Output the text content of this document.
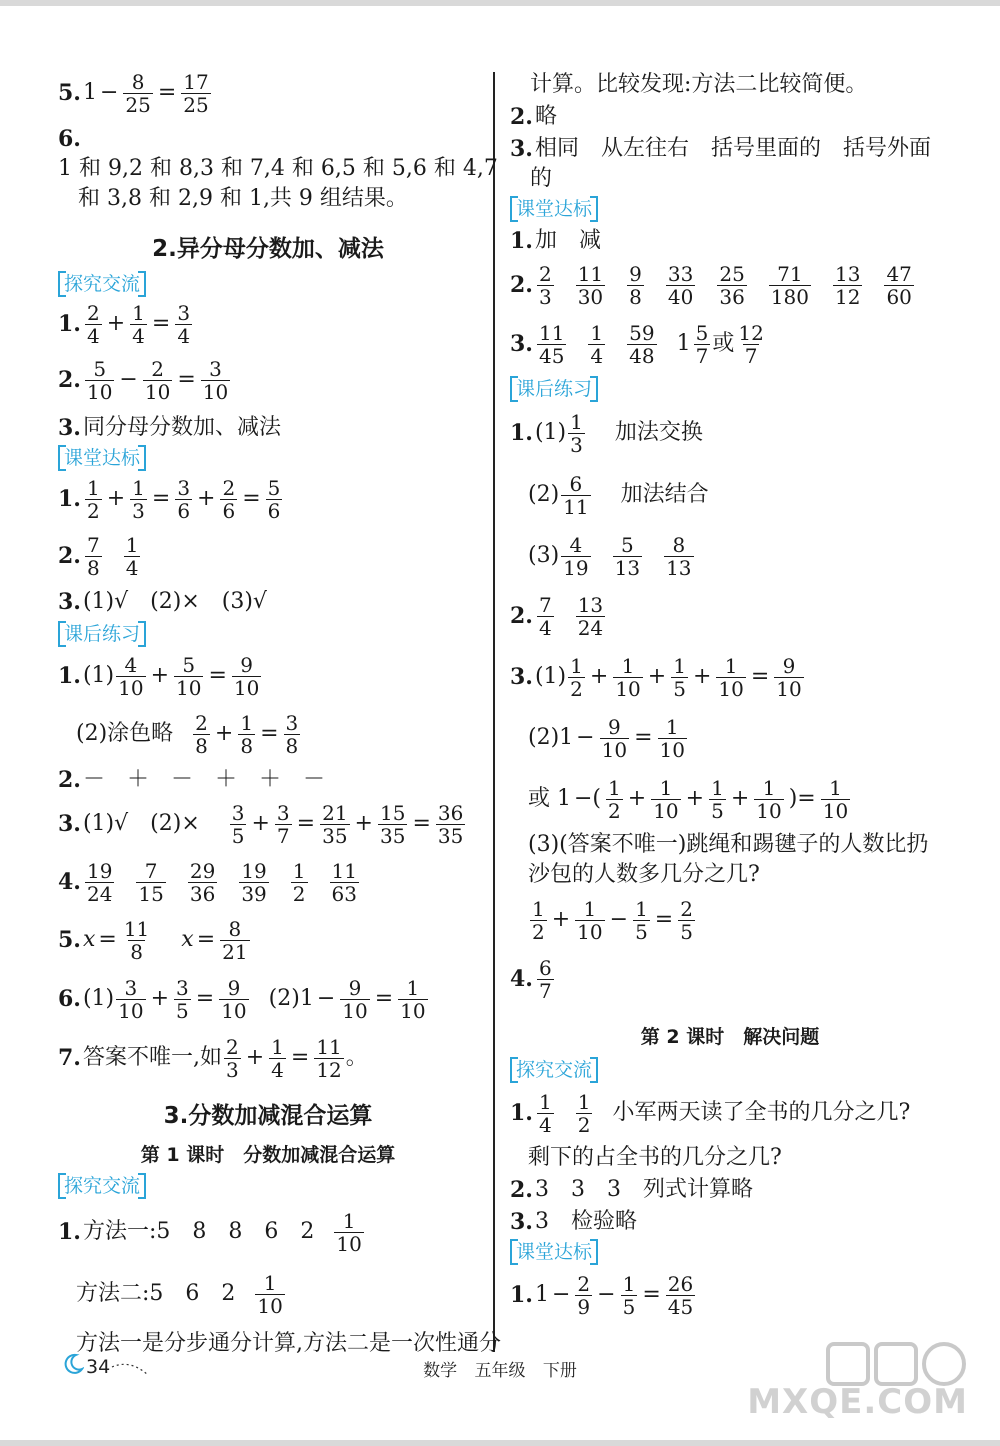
5. $1 - \frac{8}{25} = \frac{17}{25}$
6.
1 和 9,2 和 8,3 和 7,4 和 6,5 和 5,6 和 4,7
和 3,8 和 2,9 和 1,共 9 组结果。
2.异分母分数加、减法
探究交流
1. $\frac{2}{4} + \frac{1}{4} = \frac{3}{4}$
2. $\frac{5}{10} - \frac{2}{10} = \frac{3}{10}$
3. 同分母分数加、减法
课堂达标
1. $\frac{1}{2} + \frac{1}{3} = \frac{3}{6} + \frac{2}{6} = \frac{5}{6}$
2. $\frac{7}{8} \frac{1}{4}$
3. (1)√　(2)×　(3)√
课后练习
1. $(1) \frac{4}{10} + \frac{5}{10} = \frac{9}{10}$
(2)涂色略 $\frac{2}{8} + \frac{1}{8} = \frac{3}{8}$
2. －　＋　－　＋　＋　－
3. (1)√　$(2)\times \frac{3}{5} + \frac{3}{7} = \frac{21}{35} + \frac{15}{35} = \frac{36}{35}$
4. $\frac{19}{24} \frac{7}{15} \frac{29}{36} \frac{19}{39} \frac{1}{2} \frac{11}{63}$
5. $x = \frac{11}{8}$ $x = \frac{8}{21}$
6. $(1) \frac{3}{10} + \frac{3}{5} = \frac{9}{10} (2)1 - \frac{9}{10} = \frac{1}{10}$
7. 答案不唯一,如 $\frac{2}{3} + \frac{1}{4} = \frac{11}{12}$ 。
3.分数加减混合运算
第 1 课时　分数加减混合运算
探究交流
1. 方法一:5　8　8　6　$2 \frac{1}{10}$
方法二:5　6　$2 \frac{1}{10}$
方法一是分步通分计算,方法二是一次性通分
计算。比较发现:方法二比较简便。
2. 略
3. 相同　从左往右　括号里面的　括号外面
的
课堂达标
1. 加　减
2. $\frac{2}{3} \frac{11}{30} \frac{9}{8} \frac{33}{40} \frac{25}{36} \frac{71}{180} \frac{13}{12} \frac{47}{60}$
3. $\frac{11}{45} \frac{1}{4} \frac{59}{48} 1 \frac{5}{7}$ 或 $\frac{12}{7}$
课后练习
1. $(1) \frac{1}{3}$ 加法交换
$(2) \frac{6}{11}$ 加法结合
$(3) \frac{4}{19} \frac{5}{13} \frac{8}{13}$
2. $\frac{7}{4} \frac{13}{24}$
3. $(1) \frac{1}{2} + \frac{1}{10} + \frac{1}{5} + \frac{1}{10} = \frac{9}{10}$
$(2)1 - \frac{9}{10} = \frac{1}{10}$
或 1 −( $\frac{1}{2} + \frac{1}{10} + \frac{1}{5} + \frac{1}{10}$ )= $\frac{1}{10}$
(3)(答案不唯一)跳绳和踢毽子的人数比扔
沙包的人数多几分之几?
$\frac{1}{2} + \frac{1}{10} - \frac{1}{5} = \frac{2}{5}$
4. $\frac{6}{7}$
第 2 课时　解决问题
探究交流
1. $\frac{1}{4} \frac{1}{2}$ 小军两天读了全书的几分之几?
剩下的占全书的几分之几?
2. 3　3　3　列式计算略
3. 3　检验略
课堂达标
1. $1 - \frac{2}{9} - \frac{1}{5} = \frac{26}{45}$
34	数学 五年级 下册
MXQE.COM
